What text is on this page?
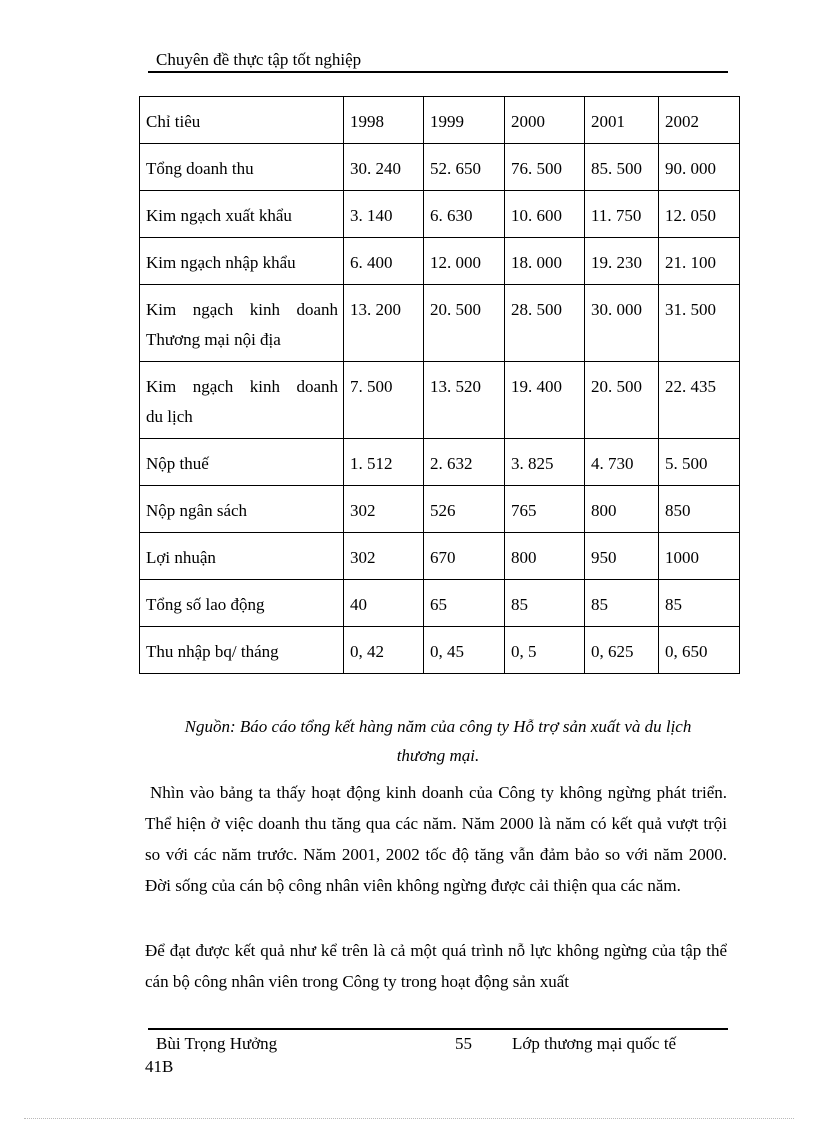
Chuyên đề thực tập tốt nghiệp
Chỉ tiêu	1998	1999	2000	2001	2002
Tổng doanh thu	30. 240	52. 650	76. 500	85. 500	90. 000
Kim ngạch xuất khẩu	3. 140	6. 630	10. 600	11. 750	12. 050
Kim ngạch nhập khẩu	6. 400	12. 000	18. 000	19. 230	21. 100

Kim ngạch kinh doanh
Thương mại nội địa	13. 200	20. 500	28. 500	30. 000	31. 500

Kim ngạch kinh doanh
du lịch	7. 500	13. 520	19. 400	20. 500	22. 435
Nộp thuế	1. 512	2. 632	3. 825	4. 730	5. 500
Nộp ngân sách	302	526	765	800	850
Lợi nhuận	302	670	800	950	1000
Tổng số lao động	40	65	85	85	85
Thu nhập bq/ tháng	0, 42	0, 45	0, 5	0, 625	0, 650
Nguồn: Báo cáo tổng kết hàng năm của công ty Hỗ trợ sản xuất và du lịch
thương mại.
Nhìn vào bảng ta thấy hoạt động kinh doanh của Công ty không ngừng phát triển. Thể hiện ở việc doanh thu tăng qua các năm. Năm 2000 là năm có kết quả vượt trội so với các năm trước. Năm 2001, 2002 tốc độ tăng vẫn đảm bảo so với năm 2000. Đời sống của cán bộ công nhân viên không ngừng được cải thiện qua các năm.
Để đạt được kết quả như kể trên là cả một quá trình nỗ lực không ngừng của tập thể cán bộ công nhân viên trong Công ty trong hoạt động sản xuất
Bùi Trọng Hưởng	55 Lớp thương mại quốc tế
41B
